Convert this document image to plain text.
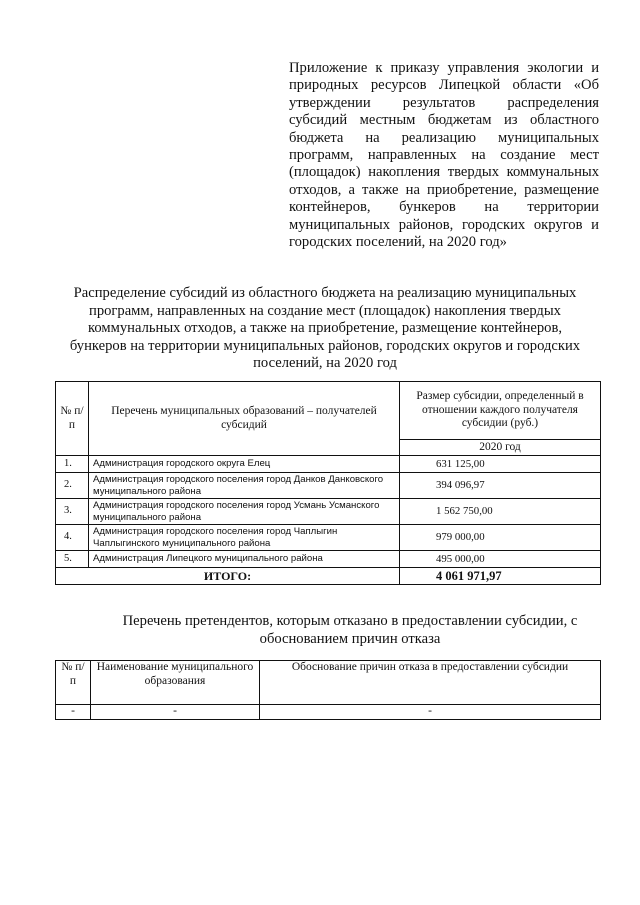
Приложение к приказу управления экологии и природных ресурсов Липецкой области «Об утверждении результатов распределения субсидий местным бюджетам из областного бюджета на реализацию муниципальных программ, направленных на создание мест (площадок) накопления твердых коммунальных отходов, а также на приобретение, размещение контейнеров, бункеров на территории муниципальных районов, городских округов и городских поселений, на 2020 год»
Распределение субсидий из областного бюджета на реализацию муниципальных программ, направленных на создание мест (площадок) накопления твердых коммунальных отходов, а также на приобретение, размещение контейнеров, бункеров на территории муниципальных районов, городских округов и городских поселений, на 2020 год
№ п/п	Перечень муниципальных образований – получателей субсидий	Размер субсидии, определенный в отношении каждого получателя субсидии (руб.)
		2020 год
1.	Администрация городского округа Елец	631 125,00
2.	Администрация городского поселения город Данков Данковского муниципального района	394 096,97
3.	Администрация городского поселения город Усмань Усманского муниципального района	1 562 750,00
4.	Администрация городского поселения город Чаплыгин Чаплыгинского муниципального района	979 000,00
5.	Администрация Липецкого муниципального района	495 000,00
ИТОГО:		4 061 971,97
Перечень претендентов, которым отказано в предоставлении субсидии, с обоснованием причин отказа
№ п/п	Наименование муниципального образования	Обоснование причин отказа в предоставлении субсидии
-	-	-
